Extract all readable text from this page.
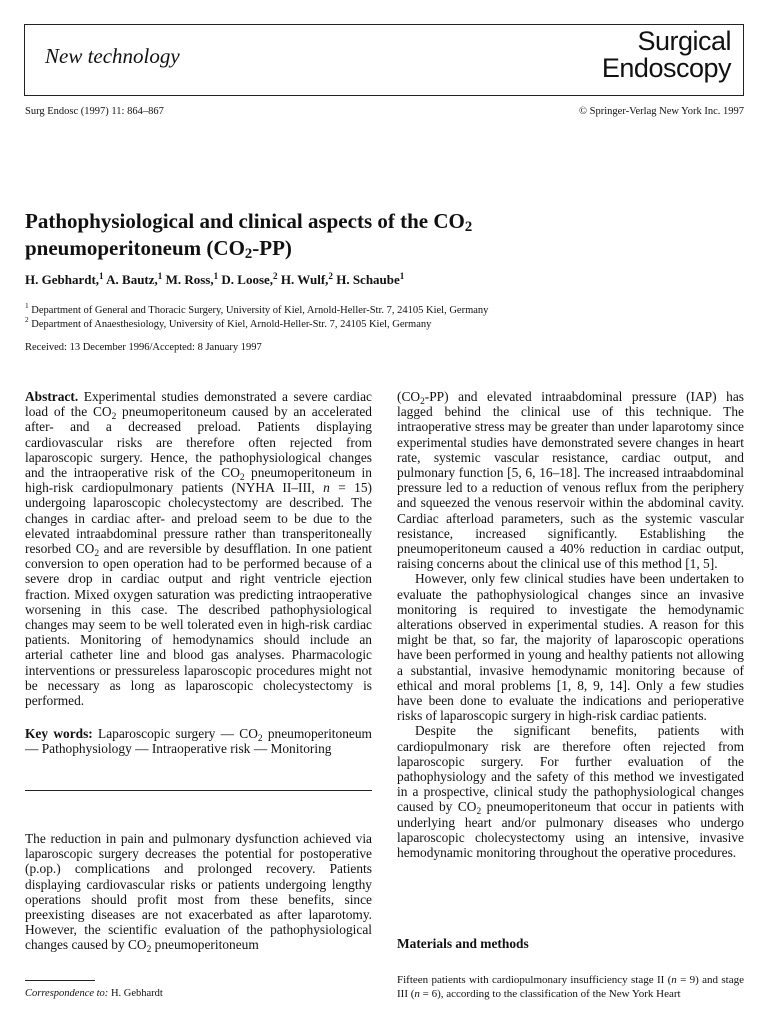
New technology	Surgical
Endoscopy
Surg Endosc (1997) 11: 864–867	© Springer-Verlag New York Inc. 1997
Pathophysiological and clinical aspects of the $CO_2$
pneumoperitoneum $(CO_2-PP)$
H. Gebhardt,$^1$ A. Bautz,$^1$ M. Ross,$^1$ D. Loose,$^2$ H. Wulf,$^2$ H. Schaube$^1$
$^1$ Department of General and Thoracic Surgery, University of Kiel, Arnold-Heller-Str. 7, 24105 Kiel, Germany
$^2$ Department of Anaesthesiology, University of Kiel, Arnold-Heller-Str. 7, 24105 Kiel, Germany
Received: 13 December 1996/Accepted: 8 January 1997

Abstract. Experimental studies demonstrated a severe cardiac load of the $CO_2$ pneumoperitoneum caused by an accelerated after- and a decreased preload. Patients displaying cardiovascular risks are therefore often rejected from laparoscopic surgery. Hence, the pathophysiological changes and the intraoperative risk of the $CO_2$ pneumoperitoneum in high-risk cardiopulmonary patients (NYHA II–III, n = 15) undergoing laparoscopic cholecystectomy are described. The changes in cardiac after- and preload seem to be due to the elevated intraabdominal pressure rather than transperitoneally resorbed $CO_2$ and are reversible by desufflation. In one patient conversion to open operation had to be performed because of a severe drop in cardiac output and right ventricle ejection fraction. Mixed oxygen saturation was predicting intraoperative worsening in this case. The described pathophysiological changes may seem to be well tolerated even in high-risk cardiac patients. Monitoring of hemodynamics should include an arterial catheter line and blood gas analyses. Pharmacologic interventions or pressureless laparoscopic procedures might not be necessary as long as laparoscopic cholecystectomy is performed.

Key words: Laparoscopic surgery — $CO_2$ pneumoperitoneum — Pathophysiology — Intraoperative risk — Monitoring

The reduction in pain and pulmonary dysfunction achieved via laparoscopic surgery decreases the potential for postoperative (p.op.) complications and prolonged recovery. Patients displaying cardiovascular risks or patients undergoing lengthy operations should profit most from these benefits, since preexisting diseases are not exacerbated as after laparotomy. However, the scientific evaluation of the pathophysiological changes caused by $CO_2$ pneumoperitoneum

$(CO_2-PP)$ and elevated intraabdominal pressure (IAP) has lagged behind the clinical use of this technique. The intraoperative stress may be greater than under laparotomy since experimental studies have demonstrated severe changes in heart rate, systemic vascular resistance, cardiac output, and pulmonary function [5, 6, 16–18]. The increased intraabdominal pressure led to a reduction of venous reflux from the periphery and squeezed the venous reservoir within the abdominal cavity. Cardiac afterload parameters, such as the systemic vascular resistance, increased significantly. Establishing the pneumoperitoneum caused a 40% reduction in cardiac output, raising concerns about the clinical use of this method [1, 5].

However, only few clinical studies have been undertaken to evaluate the pathophysiological changes since an invasive monitoring is required to investigate the hemodynamic alterations observed in experimental studies. A reason for this might be that, so far, the majority of laparoscopic operations have been performed in young and healthy patients not allowing a substantial, invasive hemodynamic monitoring because of ethical and moral problems [1, 8, 9, 14]. Only a few studies have been done to evaluate the indications and perioperative risks of laparoscopic surgery in high-risk cardiac patients.

Despite the significant benefits, patients with cardiopulmonary risk are therefore often rejected from laparoscopic surgery. For further evaluation of the pathophysiology and the safety of this method we investigated in a prospective, clinical study the pathophysiological changes caused by $CO_2$ pneumoperitoneum that occur in patients with underlying heart and/or pulmonary diseases who undergo laparoscopic cholecystectomy using an intensive, invasive hemodynamic monitoring throughout the operative procedures.

Materials and methods
Fifteen patients with cardiopulmonary insufficiency stage II (n = 9) and stage III (n = 6), according to the classification of the New York Heart
Correspondence to: H. Gebhardt
